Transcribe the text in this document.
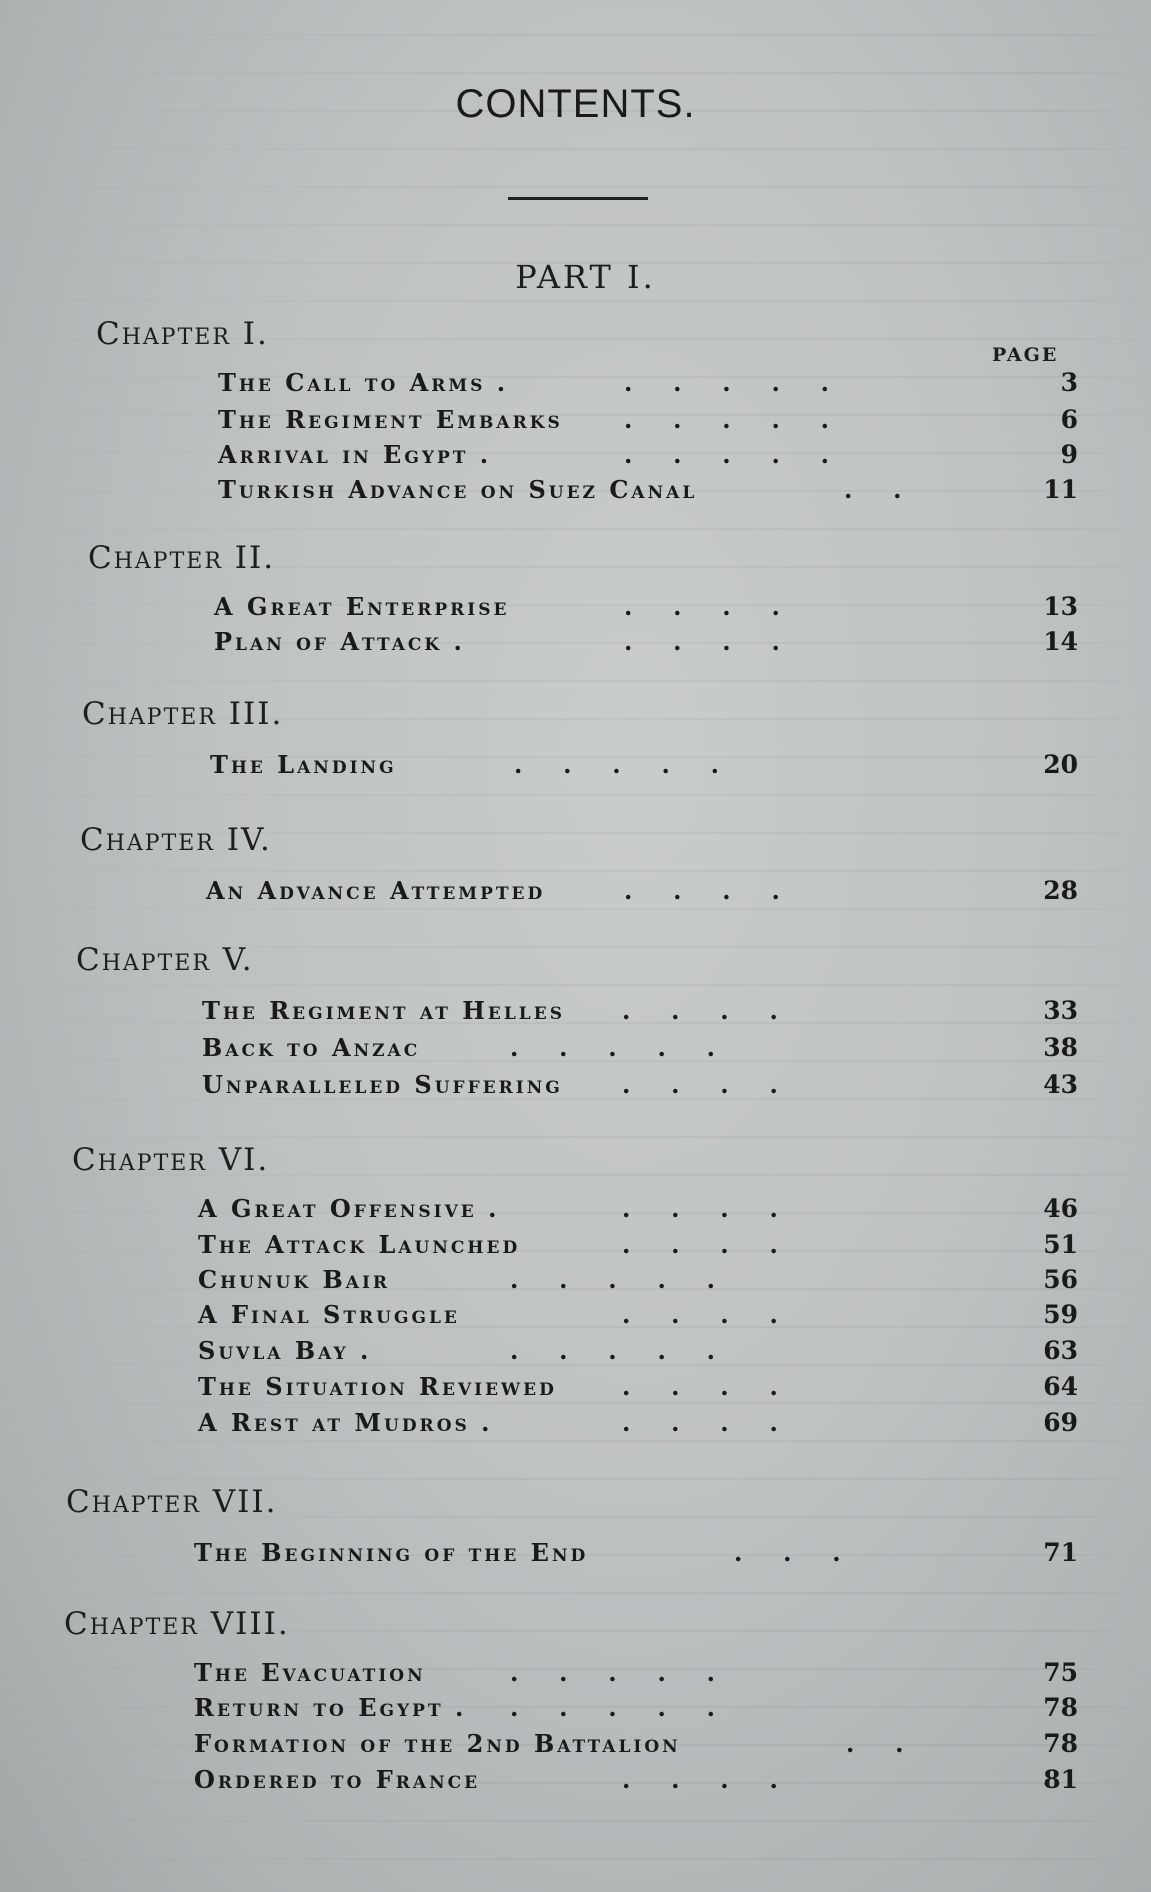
CONTENTS.
PART I.
PAGE
Chapter I.
The Call to Arms .	.   .   .   .   .	3
The Regiment Embarks	.   .   .   .   .	6
Arrival in Egypt .	.   .   .   .   .	9
Turkish Advance on Suez Canal	.   .	11
Chapter II.
A Great Enterprise	.   .   .   .	13
Plan of Attack .	.   .   .   .	14
Chapter III.
The Landing	.   .   .   .   .	20
Chapter IV.
An Advance Attempted	.   .   .   .	28
Chapter V.
The Regiment at Helles .   .   .   .	33
Back to Anzac	.   .   .   .   .	38
Unparalleled Suffering .   .   .   .	43
Chapter VI.
A Great Offensive .	.   .   .   .	46
The Attack Launched	.   .   .   .	51
Chunuk Bair	.   .   .   .   .	56
A Final Struggle	.   .   .   .	59
Suvla Bay .	.   .   .   .   .	63
The Situation Reviewed	.   .   .   .	64
A Rest at Mudros .	.   .   .   .	69
Chapter VII.
The Beginning of the End	.   .   .	71
Chapter VIII.
The Evacuation	.   .   .   .   .	75
Return to Egypt . .   .   .   .   .	78
Formation of the 2nd Battalion	.   .	78
Ordered to France	.   .   .   .	81
